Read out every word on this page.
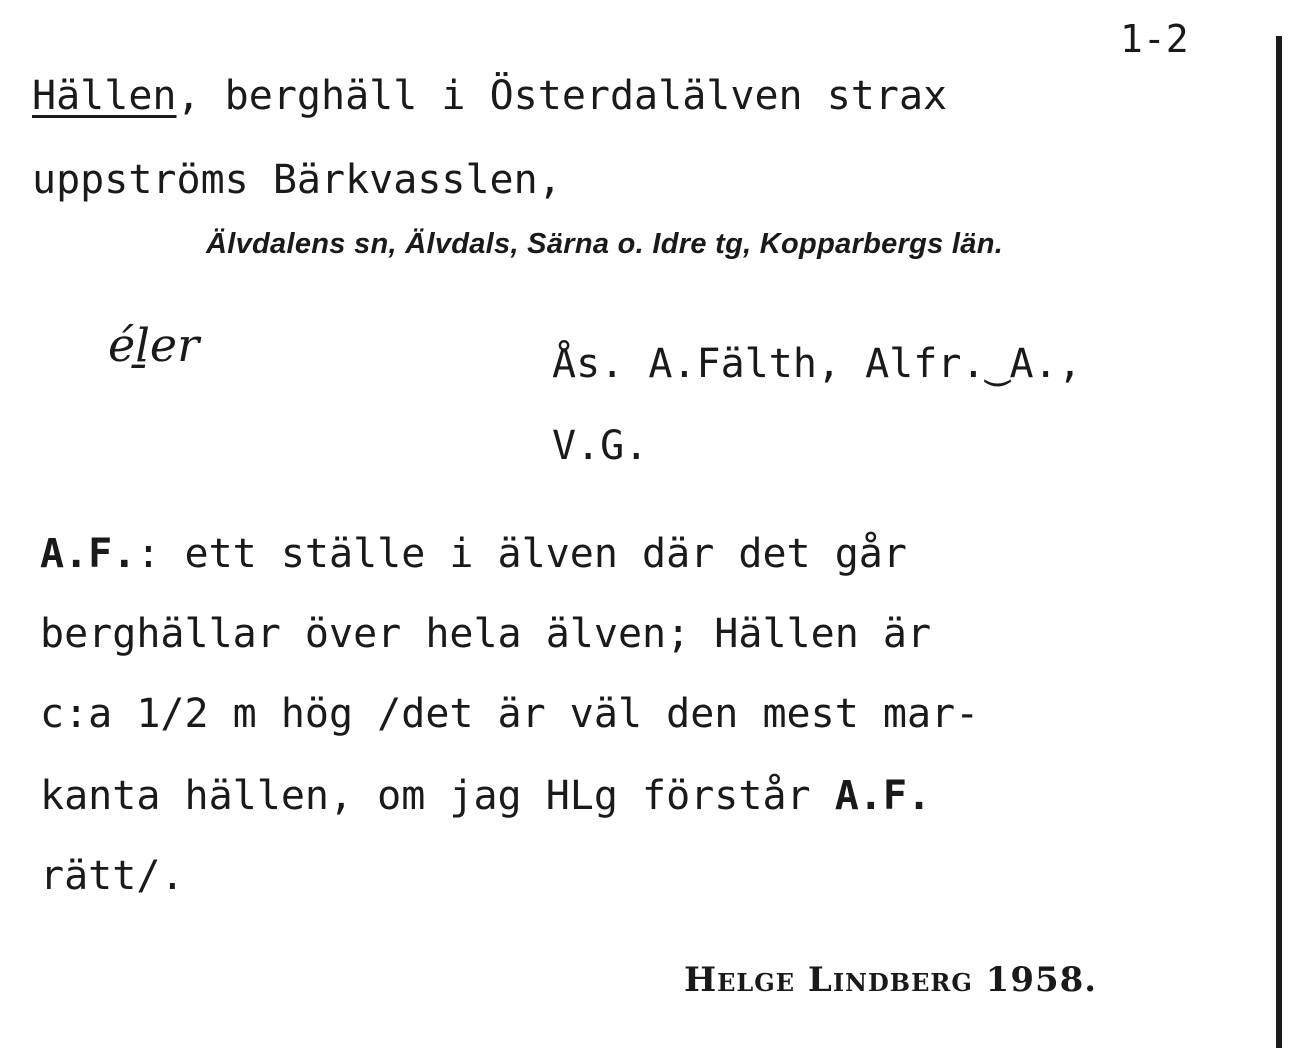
1-2
Hällen, berghäll i Österdalälven strax
uppströms Bärkvasslen,
Älvdalens sn, Älvdals, Särna o. Idre tg, Kopparbergs län.
éḻer	Ås. A.Fälth, Alfr.‿A.,
V.G.
A.F.: ett ställe i älven där det går
berghällar över hela älven; Hällen är
c:a 1/2 m hög /det är väl den mest mar-
kanta hällen, om jag HLg förstår A.F.
rätt/.
Helge Lindberg 1958.
